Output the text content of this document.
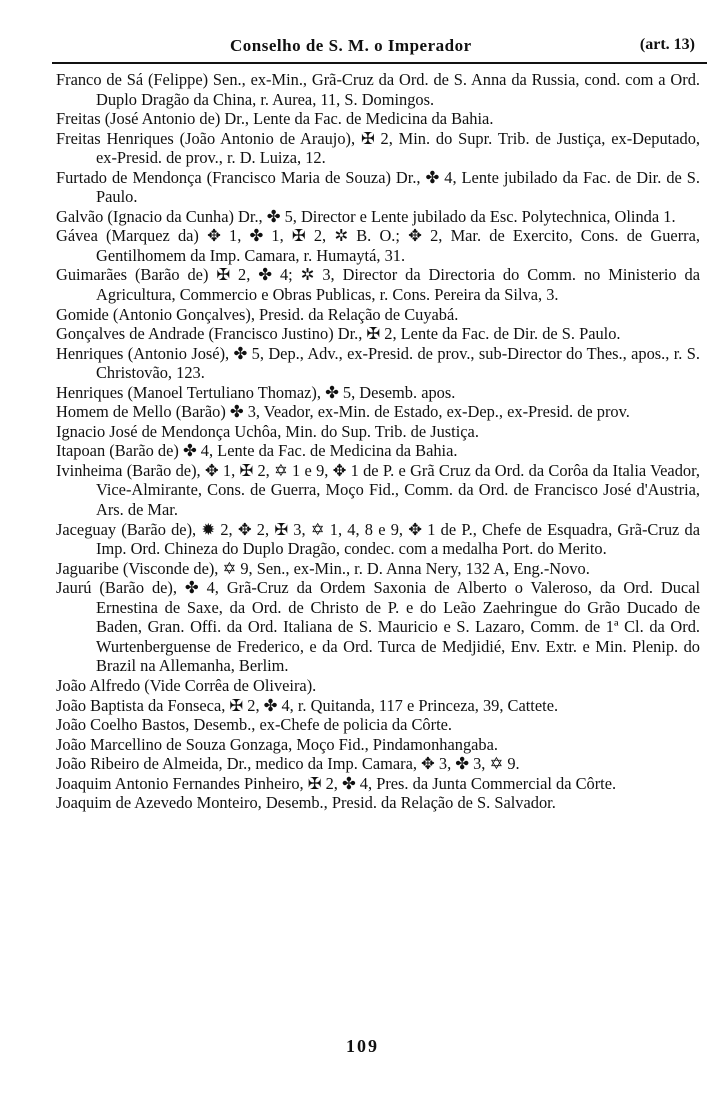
Conselho de S. M. o Imperador	(art. 13)

Franco de Sá (Felippe) Sen., ex-Min., Grã-Cruz da Ord. de S. Anna da Russia, cond. com a Ord. Duplo Dragão da China, r. Aurea, 11, S. Domingos.

Freitas (José Antonio de) Dr., Lente da Fac. de Medicina da Bahia.

Freitas Henriques (João Antonio de Araujo), ✠ 2, Min. do Supr. Trib. de Justiça, ex-Deputado, ex-Presid. de prov., r. D. Luiza, 12.

Furtado de Mendonça (Francisco Maria de Souza) Dr., ✤ 4, Lente jubilado da Fac. de Dir. de S. Paulo.

Galvão (Ignacio da Cunha) Dr., ✤ 5, Director e Lente jubilado da Esc. Polytechnica, Olinda 1.

Gávea (Marquez da) ✥ 1, ✤ 1, ✠ 2, ✲ B. O.; ✥ 2, Mar. de Exercito, Cons. de Guerra, Gentilhomem da Imp. Camara, r. Humaytá, 31.

Guimarães (Barão de) ✠ 2, ✤ 4; ✲ 3, Director da Directoria do Comm. no Ministerio da Agricultura, Commercio e Obras Publicas, r. Cons. Pereira da Silva, 3.

Gomide (Antonio Gonçalves), Presid. da Relação de Cuyabá.

Gonçalves de Andrade (Francisco Justino) Dr., ✠ 2, Lente da Fac. de Dir. de S. Paulo.

Henriques (Antonio José), ✤ 5, Dep., Adv., ex-Presid. de prov., sub-Director do Thes., apos., r. S. Christovão, 123.

Henriques (Manoel Tertuliano Thomaz), ✤ 5, Desemb. apos.

Homem de Mello (Barão) ✤ 3, Veador, ex-Min. de Estado, ex-Dep., ex-Presid. de prov.

Ignacio José de Mendonça Uchôa, Min. do Sup. Trib. de Justiça.

Itapoan (Barão de) ✤ 4, Lente da Fac. de Medicina da Bahia.

Ivinheima (Barão de), ✥ 1, ✠ 2, ✡ 1 e 9, ✥ 1 de P. e Grã Cruz da Ord. da Corôa da Italia Veador, Vice-Almirante, Cons. de Guerra, Moço Fid., Comm. da Ord. de Francisco José d'Austria, Ars. de Mar.

Jaceguay (Barão de), ✹ 2, ✥ 2, ✠ 3, ✡ 1, 4, 8 e 9, ✥ 1 de P., Chefe de Esquadra, Grã-Cruz da Imp. Ord. Chineza do Duplo Dragão, condec. com a medalha Port. do Merito.

Jaguaribe (Visconde de), ✡ 9, Sen., ex-Min., r. D. Anna Nery, 132 A, Eng.-Novo.

Jaurú (Barão de), ✤ 4, Grã-Cruz da Ordem Saxonia de Alberto o Valeroso, da Ord. Ducal Ernestina de Saxe, da Ord. de Christo de P. e do Leão Zaehringue do Grão Ducado de Baden, Gran. Offi. da Ord. Italiana de S. Mauricio e S. Lazaro, Comm. de 1ª Cl. da Ord. Wurtenberguense de Frederico, e da Ord. Turca de Medjidié, Env. Extr. e Min. Plenip. do Brazil na Allemanha, Berlim.

João Alfredo (Vide Corrêa de Oliveira).

João Baptista da Fonseca, ✠ 2, ✤ 4, r. Quitanda, 117 e Princeza, 39, Cattete.

João Coelho Bastos, Desemb., ex-Chefe de policia da Côrte.

João Marcellino de Souza Gonzaga, Moço Fid., Pindamonhangaba.

João Ribeiro de Almeida, Dr., medico da Imp. Camara, ✥ 3, ✤ 3, ✡ 9.

Joaquim Antonio Fernandes Pinheiro, ✠ 2, ✤ 4, Pres. da Junta Commercial da Côrte.

Joaquim de Azevedo Monteiro, Desemb., Presid. da Relação de S. Salvador.

109
